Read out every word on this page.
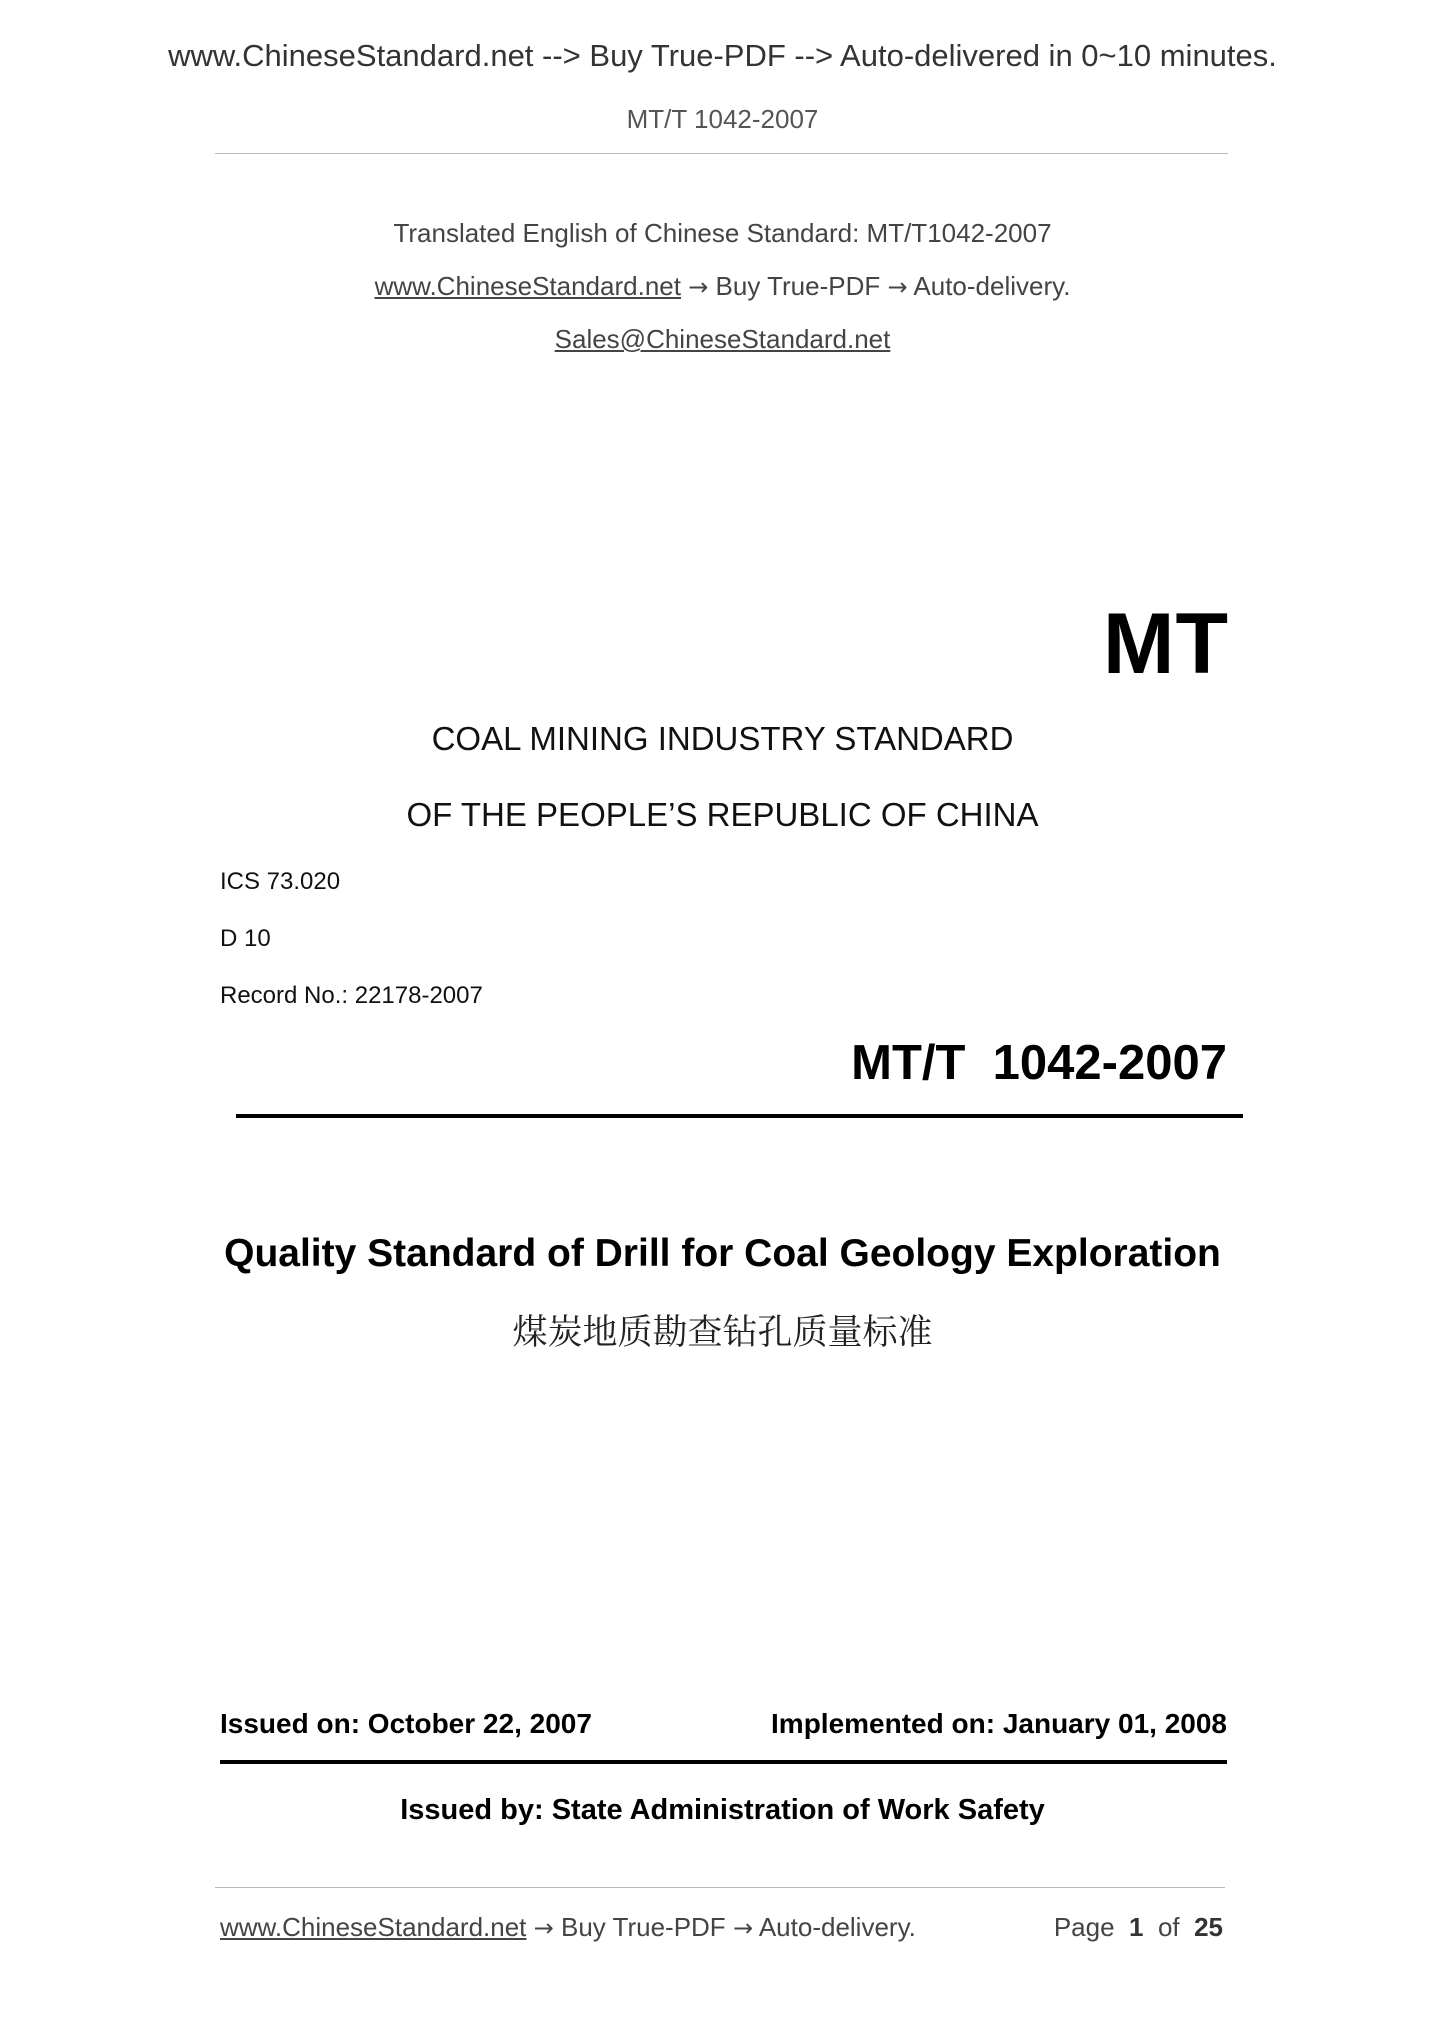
www.ChineseStandard.net --> Buy True-PDF --> Auto-delivered in 0~10 minutes.
MT/T 1042-2007
Translated English of Chinese Standard: MT/T1042-2007
www.ChineseStandard.net → Buy True-PDF → Auto-delivery.
Sales@ChineseStandard.net
MT
COAL MINING INDUSTRY STANDARD
OF THE PEOPLE’S REPUBLIC OF CHINA
ICS 73.020
D 10
Record No.: 22178-2007
MT/T  1042-2007
Quality Standard of Drill for Coal Geology Exploration
煤炭地质勘查钻孔质量标准
Issued on: October 22, 2007	Implemented on: January 01, 2008
Issued by: State Administration of Work Safety
www.ChineseStandard.net → Buy True-PDF → Auto-delivery.	Page 1 of 25
